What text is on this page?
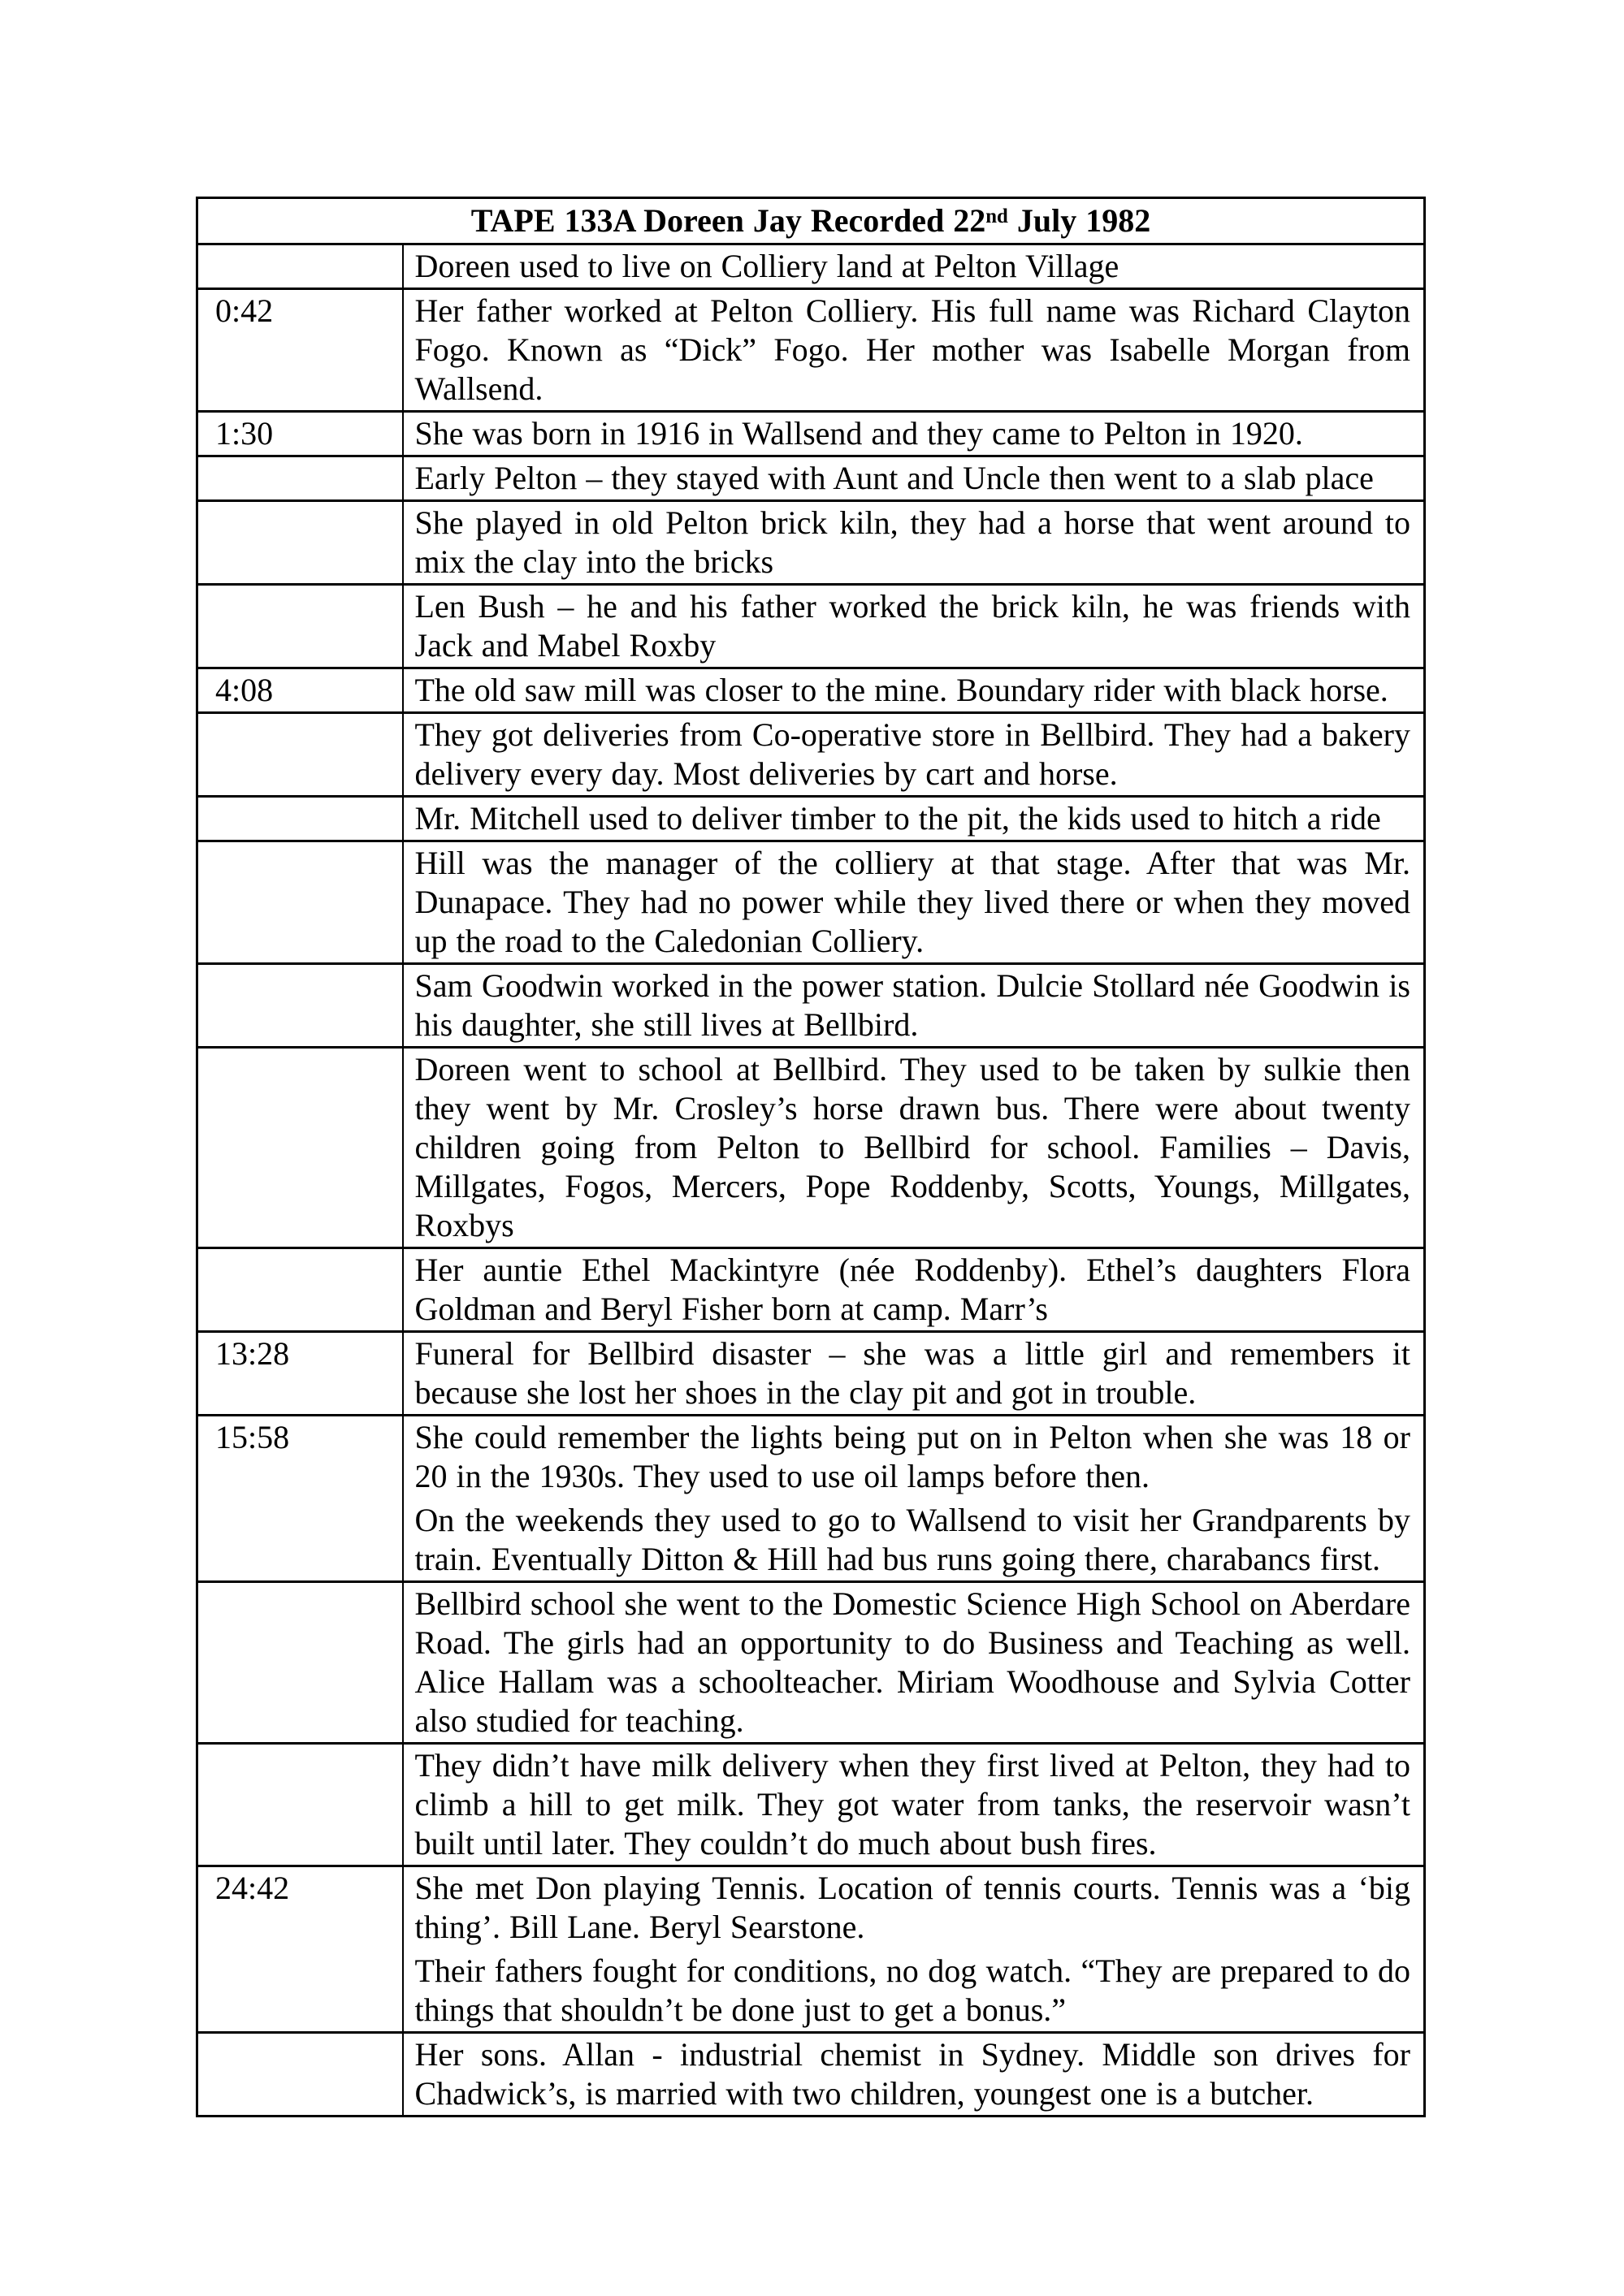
TAPE 133A Doreen Jay Recorded 22nd July 1982	

	Doreen used to live on Colliery land at Pelton Village

0:42	Her father worked at Pelton Colliery. His full name was Richard Clayton Fogo. Known as “Dick” Fogo. Her mother was Isabelle Morgan from Wallsend.

1:30	She was born in 1916 in Wallsend and they came to Pelton in 1920.

	Early Pelton – they stayed with Aunt and Uncle then went to a slab place

	She played in old Pelton brick kiln, they had a horse that went around to mix the clay into the bricks

	Len Bush – he and his father worked the brick kiln, he was friends with Jack and Mabel Roxby

4:08	The old saw mill was closer to the mine. Boundary rider with black horse.

	They got deliveries from Co-operative store in Bellbird. They had a bakery delivery every day. Most deliveries by cart and horse.

	Mr. Mitchell used to deliver timber to the pit, the kids used to hitch a ride

	Hill was the manager of the colliery at that stage. After that was Mr. Dunapace. They had no power while they lived there or when they moved up the road to the Caledonian Colliery.

	Sam Goodwin worked in the power station. Dulcie Stollard née Goodwin is his daughter, she still lives at Bellbird.

	Doreen went to school at Bellbird. They used to be taken by sulkie then they went by Mr. Crosley’s horse drawn bus. There were about twenty children going from Pelton to Bellbird for school. Families – Davis, Millgates, Fogos, Mercers, Pope Roddenby, Scotts, Youngs, Millgates, Roxbys

	Her auntie Ethel Mackintyre (née Roddenby). Ethel’s daughters Flora Goldman and Beryl Fisher born at camp. Marr’s

13:28	Funeral for Bellbird disaster – she was a little girl and remembers it because she lost her shoes in the clay pit and got in trouble.

15:58	She could remember the lights being put on in Pelton when she was 18 or 20 in the 1930s. They used to use oil lamps before then.
On the weekends they used to go to Wallsend to visit her Grandparents by train. Eventually Ditton & Hill had bus runs going there, charabancs first.

	Bellbird school she went to the Domestic Science High School on Aberdare Road. The girls had an opportunity to do Business and Teaching as well. Alice Hallam was a schoolteacher. Miriam Woodhouse and Sylvia Cotter also studied for teaching.

	They didn’t have milk delivery when they first lived at Pelton, they had to climb a hill to get milk. They got water from tanks, the reservoir wasn’t built until later. They couldn’t do much about bush fires.

24:42	She met Don playing Tennis. Location of tennis courts. Tennis was a ‘big thing’. Bill Lane. Beryl Searstone.
Their fathers fought for conditions, no dog watch. “They are prepared to do things that shouldn’t be done just to get a bonus.”

	Her sons. Allan - industrial chemist in Sydney. Middle son drives for Chadwick’s, is married with two children, youngest one is a butcher.
